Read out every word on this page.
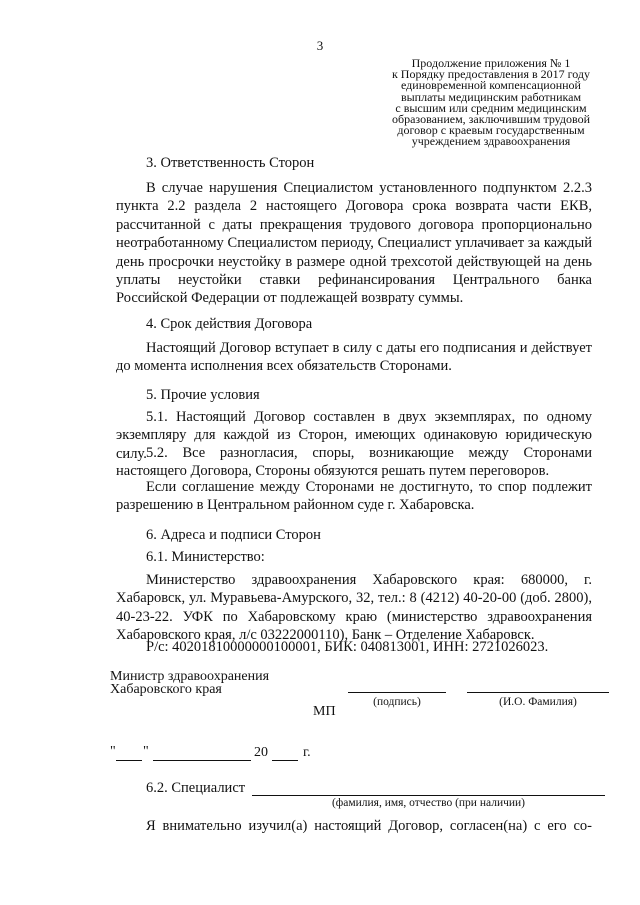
3
Продолжение приложения № 1
к Порядку предоставления в 2017 году
единовременной компенсационной
выплаты медицинским работникам
с высшим или средним медицинским
образованием, заключившим трудовой
договор с краевым государственным
учреждением здравоохранения
3. Ответственность Сторон
В случае нарушения Специалистом установленного подпунктом 2.2.3 пункта 2.2 раздела 2 настоящего Договора срока возврата части ЕКВ, рассчитанной с даты прекращения трудового договора пропорционально неотработанному Специалистом периоду, Специалист уплачивает за каждый день просрочки неустойку в размере одной трехсотой действующей на день уплаты неустойки ставки рефинансирования Центрального банка Российской Федерации от подлежащей возврату суммы.
4. Срок действия Договора
Настоящий Договор вступает в силу с даты его подписания и действует до момента исполнения всех обязательств Сторонами.
5. Прочие условия
5.1. Настоящий Договор составлен в двух экземплярах, по одному экземпляру для каждой из Сторон, имеющих одинаковую юридическую силу. 5.2. Все разногласия, споры, возникающие между Сторонами настоящего Договора, Стороны обязуются решать путем переговоров.
Если соглашение между Сторонами не достигнуто, то спор подлежит разрешению в Центральном районном суде г. Хабаровска.
6. Адреса и подписи Сторон
6.1. Министерство:
Министерство здравоохранения Хабаровского края: 680000, г. Хабаровск, ул. Муравьева-Амурского, 32, тел.: 8 (4212) 40-20-00 (доб. 2800), 40-23-22. УФК по Хабаровскому краю (министерство здравоохранения Хабаровского края, л/с 03222000110), Банк – Отделение Хабаровск.
Р/с: 40201810000000100001, БИК: 040813001, ИНН: 2721026023.
Министр здравоохранения
Хабаровского края
(подпись)	(И.О. Фамилия)
МП
" "	20	г.
6.2. Специалист
(фамилия, имя, отчество (при наличии)
Я внимательно изучил(а) настоящий Договор, согласен(на) с его со-
